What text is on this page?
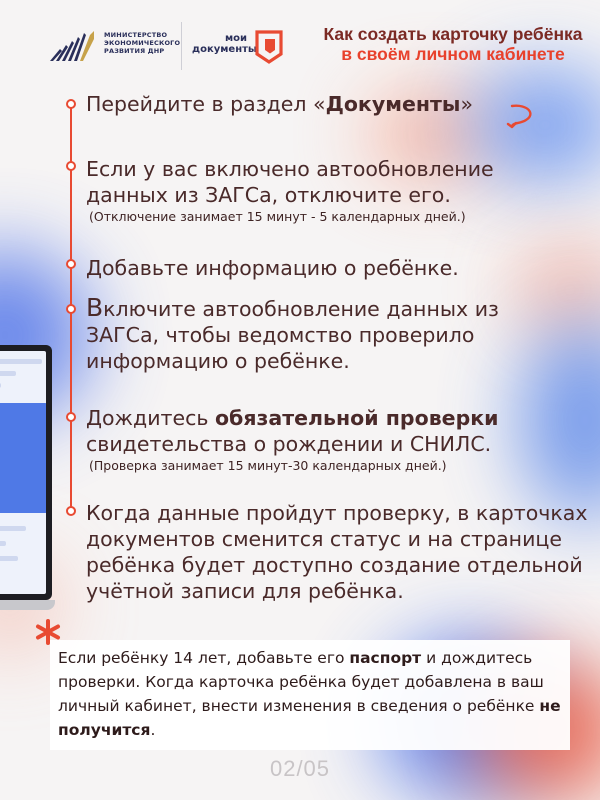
МИНИСТЕРСТВО
ЭКОНОМИЧЕСКОГО
РАЗВИТИЯ ДНР
мои
документы
Как создать карточку ребёнка
в своём личном кабинете
Перейдите в раздел «Документы»
Если у вас включено автообновление данных из ЗАГСа, отключите его.
(Отключение занимает 15 минут - 5 календарных дней.)
Добавьте информацию о ребёнке.
Включите автообновление данных из ЗАГСа, чтобы ведомство проверило информацию о ребёнке.
Дождитесь обязательной проверки свидетельства о рождении и СНИЛС.
(Проверка занимает 15 минут-30 календарных дней.)
Когда данные пройдут проверку, в карточках документов сменится статус и на странице ребёнка будет доступно создание отдельной учётной записи для ребёнка.
Если ребёнку 14 лет, добавьте его паспорт и дождитесь проверки. Когда карточка ребёнка будет добавлена в ваш личный кабинет, внести изменения в сведения о ребёнке не получится.
02/05
